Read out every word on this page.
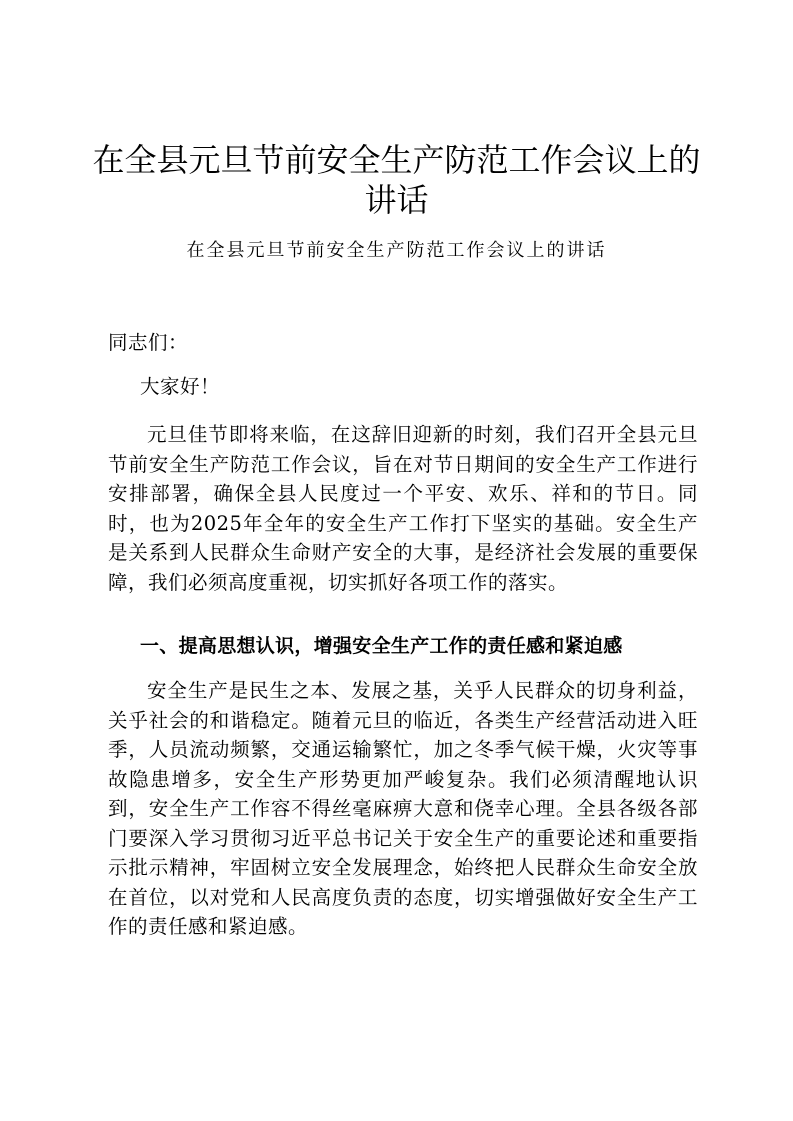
在全县元旦节前安全生产防范工作会议上的讲话

在全县元旦节前安全生产防范工作会议上的讲话

同志们：

大家好！

元旦佳节即将来临，在这辞旧迎新的时刻，我们召开全县元旦节前安全生产防范工作会议，旨在对节日期间的安全生产工作进行安排部署，确保全县人民度过一个平安、欢乐、祥和的节日。同时，也为2025年全年的安全生产工作打下坚实的基础。安全生产是关系到人民群众生命财产安全的大事，是经济社会发展的重要保障，我们必须高度重视，切实抓好各项工作的落实。

一、提高思想认识，增强安全生产工作的责任感和紧迫感

安全生产是民生之本、发展之基，关乎人民群众的切身利益，关乎社会的和谐稳定。随着元旦的临近，各类生产经营活动进入旺季，人员流动频繁，交通运输繁忙，加之冬季气候干燥，火灾等事故隐患增多，安全生产形势更加严峻复杂。我们必须清醒地认识到，安全生产工作容不得丝毫麻痹大意和侥幸心理。全县各级各部门要深入学习贯彻习近平总书记关于安全生产的重要论述和重要指示批示精神，牢固树立安全发展理念，始终把人民群众生命安全放在首位，以对党和人民高度负责的态度，切实增强做好安全生产工作的责任感和紧迫感。
